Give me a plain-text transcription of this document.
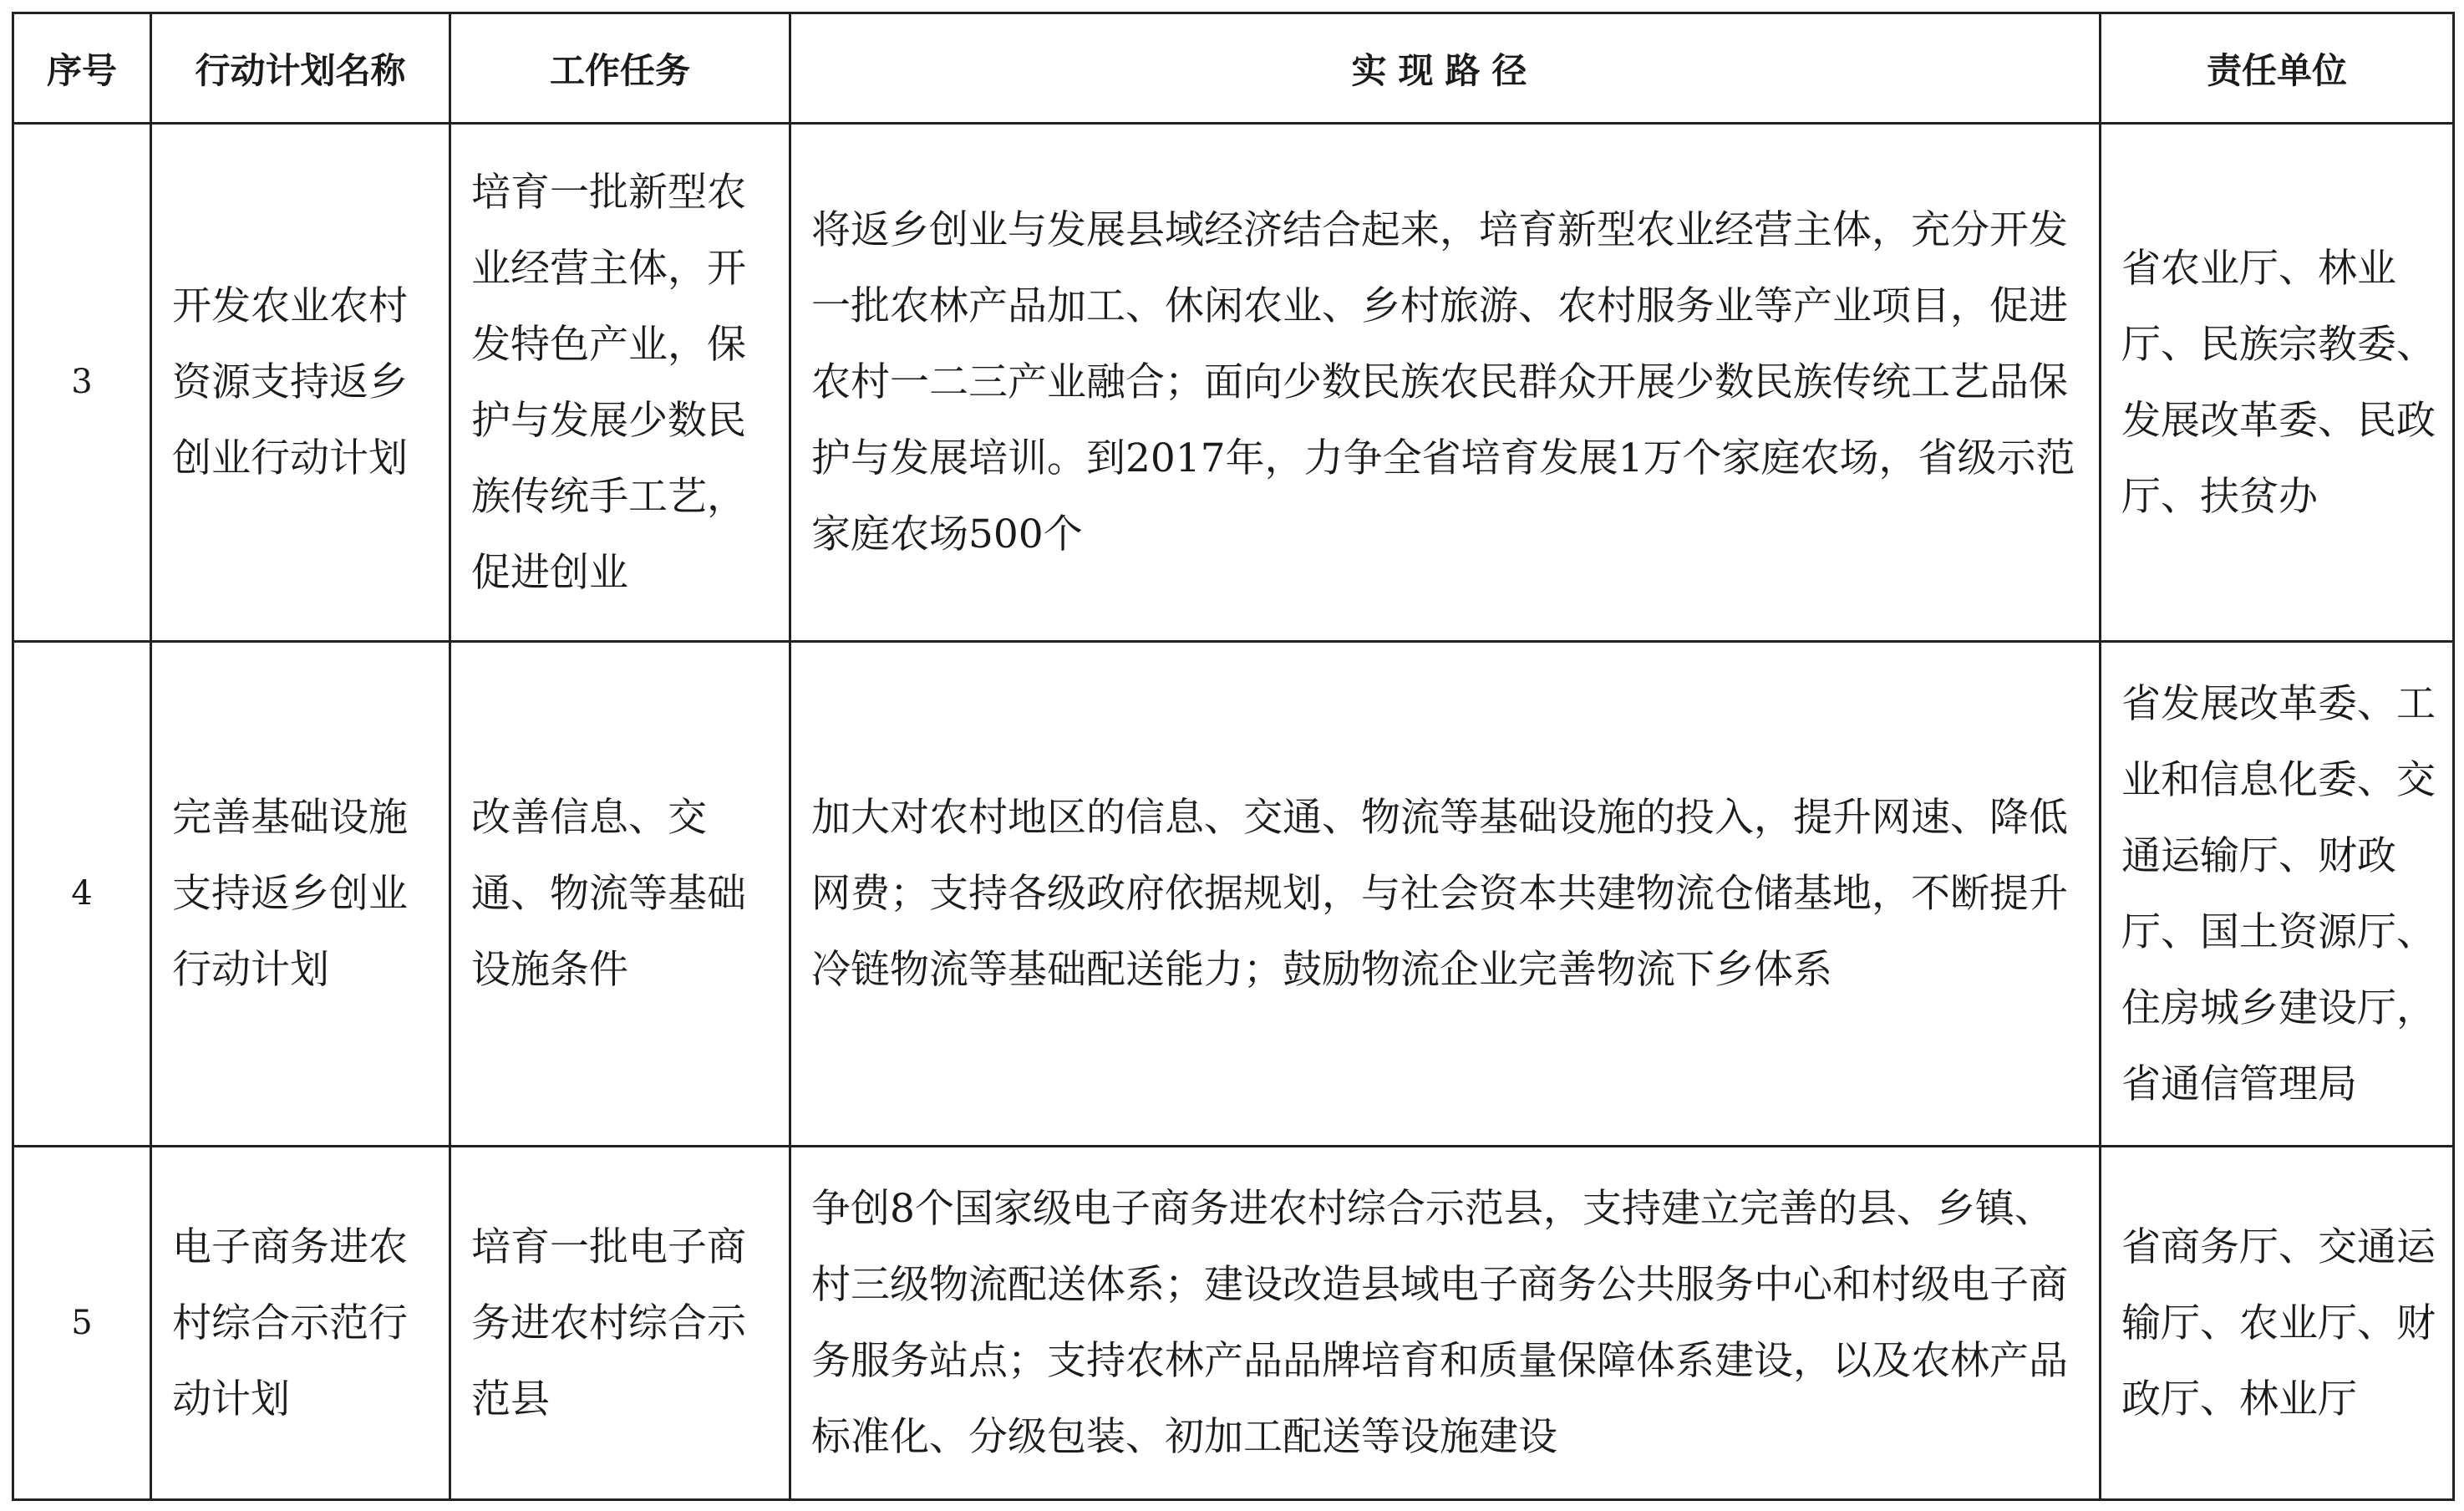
序号	行动计划名称	工作任务	实现路径	责任单位
3	开发农业农村资源支持返乡创业行动计划	培育一批新型农业经营主体，开发特色产业，保护与发展少数民族传统手工艺，促进创业	将返乡创业与发展县域经济结合起来，培育新型农业经营主体，充分开发一批农林产品加工、休闲农业、乡村旅游、农村服务业等产业项目，促进农村一二三产业融合；面向少数民族农民群众开展少数民族传统工艺品保护与发展培训。到2017年，力争全省培育发展1万个家庭农场，省级示范家庭农场500个	省农业厅、林业厅、民族宗教委、发展改革委、民政厅、扶贫办
4	完善基础设施支持返乡创业行动计划	改善信息、交通、物流等基础设施条件	加大对农村地区的信息、交通、物流等基础设施的投入，提升网速、降低网费；支持各级政府依据规划，与社会资本共建物流仓储基地，不断提升冷链物流等基础配送能力；鼓励物流企业完善物流下乡体系	省发展改革委、工业和信息化委、交通运输厅、财政厅、国土资源厅、住房城乡建设厅，省通信管理局
5	电子商务进农村综合示范行动计划	培育一批电子商务进农村综合示范县	争创8个国家级电子商务进农村综合示范县，支持建立完善的县、乡镇、村三级物流配送体系；建设改造县域电子商务公共服务中心和村级电子商务服务站点；支持农林产品品牌培育和质量保障体系建设，以及农林产品标准化、分级包装、初加工配送等设施建设	省商务厅、交通运输厅、农业厅、财政厅、林业厅
